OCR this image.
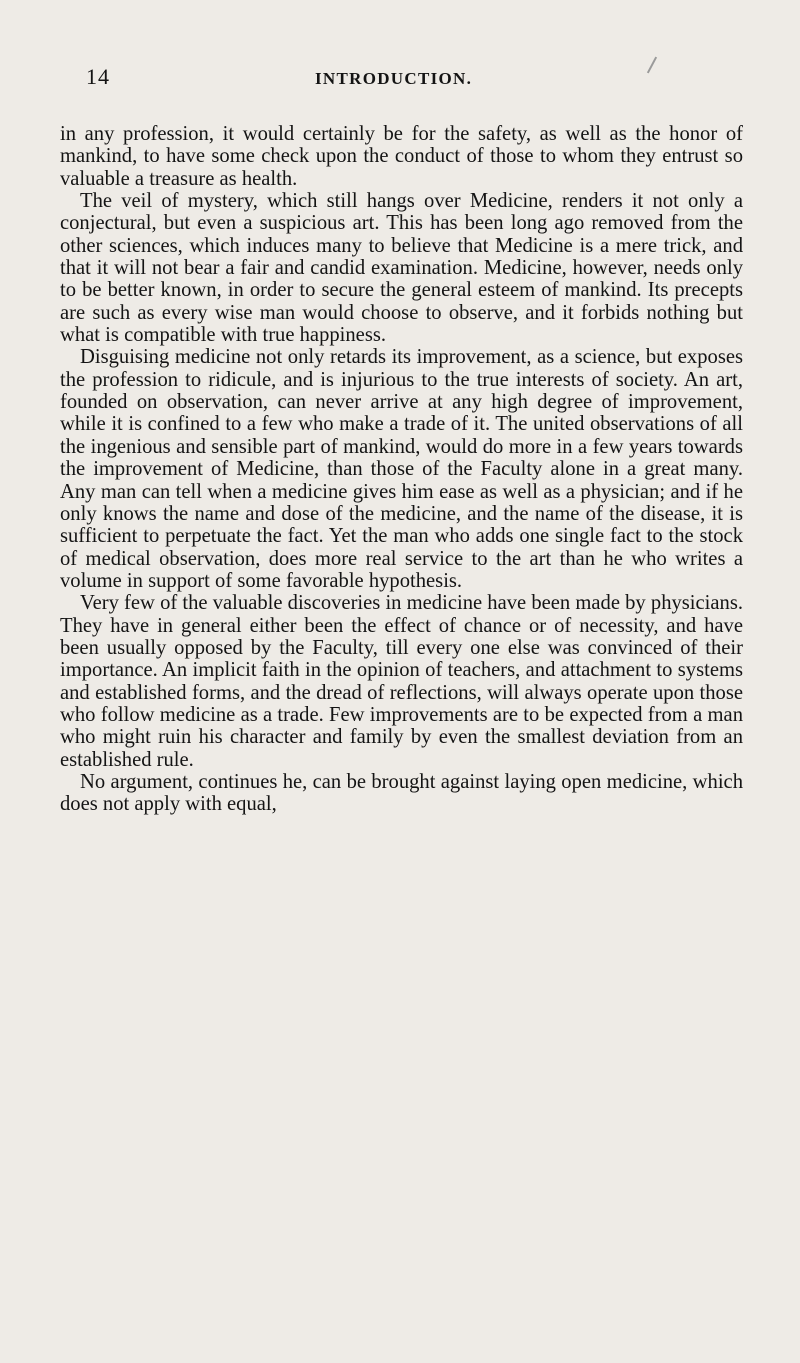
14	INTRODUCTION.

in any profession, it would certainly be for the safety, as well as the honor of mankind, to have some check upon the conduct of those to whom they entrust so valuable a treasure as health.

The veil of mystery, which still hangs over Medicine, renders it not only a conjectural, but even a suspicious art. This has been long ago removed from the other sciences, which induces many to believe that Medicine is a mere trick, and that it will not bear a fair and candid examination. Medicine, however, needs only to be better known, in order to secure the general esteem of mankind. Its precepts are such as every wise man would choose to observe, and it forbids nothing but what is compatible with true happiness.

Disguising medicine not only retards its improvement, as a science, but exposes the profession to ridicule, and is injurious to the true interests of society. An art, founded on observation, can never arrive at any high degree of improvement, while it is confined to a few who make a trade of it. The united observations of all the ingenious and sensible part of mankind, would do more in a few years towards the improvement of Medicine, than those of the Faculty alone in a great many. Any man can tell when a medicine gives him ease as well as a physician; and if he only knows the name and dose of the medicine, and the name of the disease, it is sufficient to perpetuate the fact. Yet the man who adds one single fact to the stock of medical observation, does more real service to the art than he who writes a volume in support of some favorable hypothesis.

Very few of the valuable discoveries in medicine have been made by physicians. They have in general either been the effect of chance or of necessity, and have been usually opposed by the Faculty, till every one else was convinced of their importance. An implicit faith in the opinion of teachers, and attachment to systems and established forms, and the dread of reflections, will always operate upon those who follow medicine as a trade. Few improvements are to be expected from a man who might ruin his character and family by even the smallest deviation from an established rule.

No argument, continues he, can be brought against laying open medicine, which does not apply with equal,
